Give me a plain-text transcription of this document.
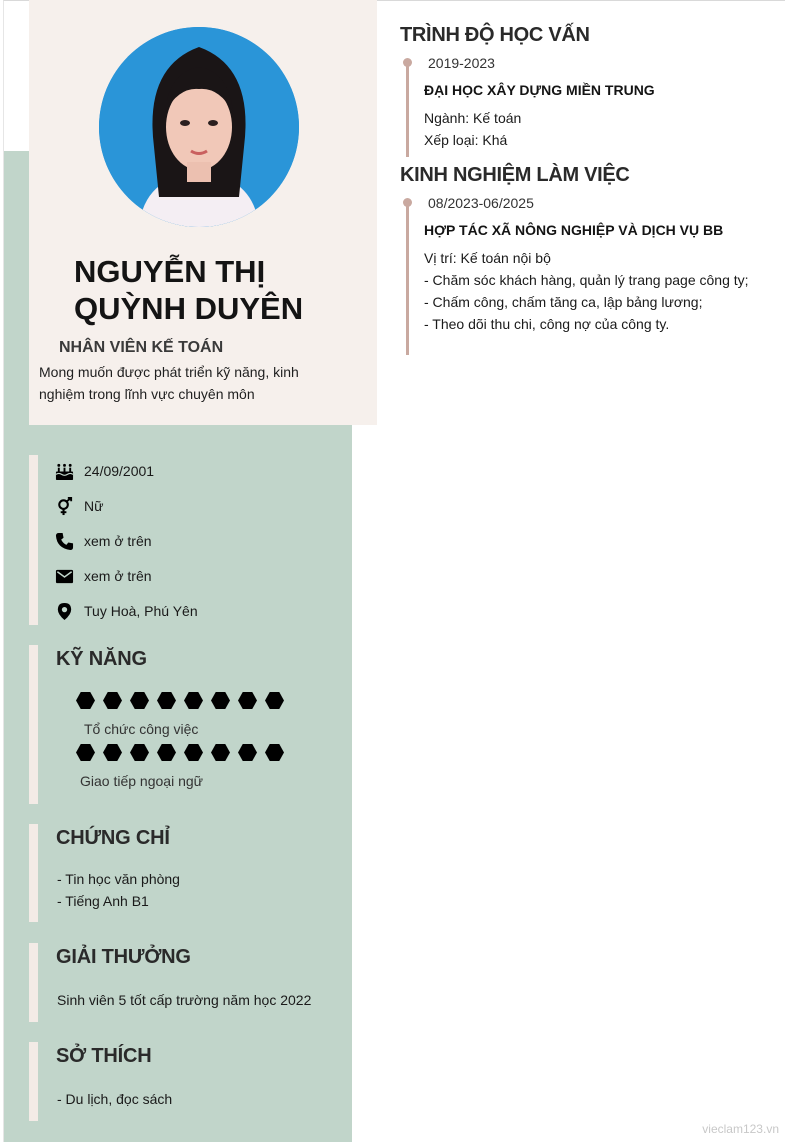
NGUYỄN THỊ
QUỲNH DUYÊN
NHÂN VIÊN KẾ TOÁN
Mong muốn được phát triển kỹ năng, kinh
nghiệm trong lĩnh vực chuyên môn
24/09/2001
Nữ
xem ở trên
xem ở trên
Tuy Hoà, Phú Yên
KỸ NĂNG
Tổ chức công việc
Giao tiếp ngoại ngữ
CHỨNG CHỈ
- Tin học văn phòng
- Tiếng Anh B1
GIẢI THƯỞNG
Sinh viên 5 tốt cấp trường năm học 2022
SỞ THÍCH
- Du lịch, đọc sách
TRÌNH ĐỘ HỌC VẤN
2019-2023
ĐẠI HỌC XÂY DỰNG MIỀN TRUNG
Ngành: Kế toán
Xếp loại: Khá
KINH NGHIỆM LÀM VIỆC
08/2023-06/2025
HỢP TÁC XÃ NÔNG NGHIỆP VÀ DỊCH VỤ BB
Vị trí: Kế toán nội bộ
- Chăm sóc khách hàng, quản lý trang page công ty;
- Chấm công, chấm tăng ca, lập bảng lương;
- Theo dõi thu chi, công nợ của công ty.
vieclam123.vn
